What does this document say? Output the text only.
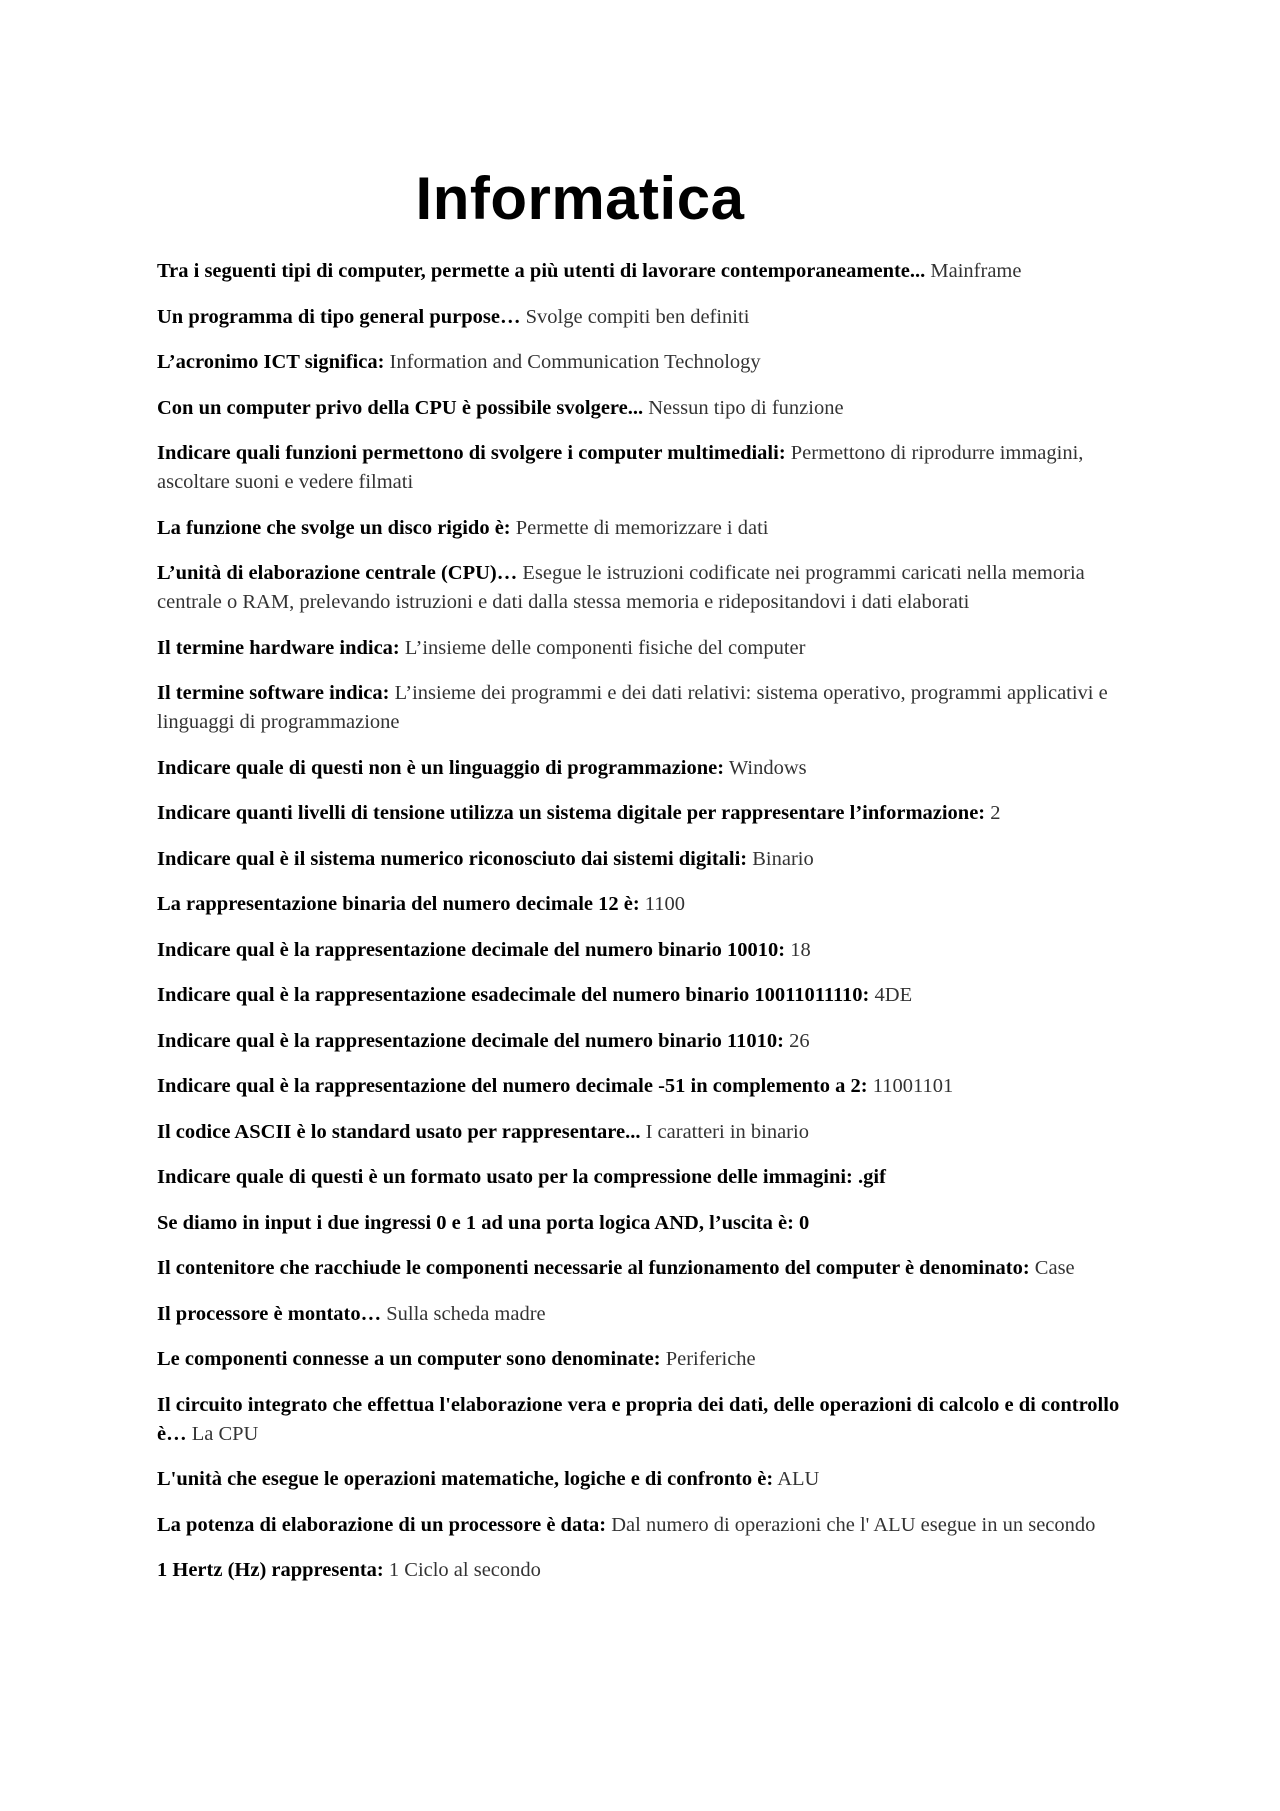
Informatica

Tra i seguenti tipi di computer, permette a più utenti di lavorare contemporaneamente... Mainframe

Un programma di tipo general purpose… Svolge compiti ben definiti

L’acronimo ICT significa: Information and Communication Technology

Con un computer privo della CPU è possibile svolgere... Nessun tipo di funzione

Indicare quali funzioni permettono di svolgere i computer multimediali: Permettono di riprodurre immagini, ascoltare suoni e vedere filmati

La funzione che svolge un disco rigido è: Permette di memorizzare i dati

L’unità di elaborazione centrale (CPU)… Esegue le istruzioni codificate nei programmi caricati nella memoria centrale o RAM, prelevando istruzioni e dati dalla stessa memoria e ridepositandovi i dati elaborati

Il termine hardware indica: L’insieme delle componenti fisiche del computer

Il termine software indica: L’insieme dei programmi e dei dati relativi: sistema operativo, programmi applicativi e linguaggi di programmazione

Indicare quale di questi non è un linguaggio di programmazione: Windows

Indicare quanti livelli di tensione utilizza un sistema digitale per rappresentare l’informazione: 2

Indicare qual è il sistema numerico riconosciuto dai sistemi digitali: Binario

La rappresentazione binaria del numero decimale 12 è: 1100

Indicare qual è la rappresentazione decimale del numero binario 10010: 18

Indicare qual è la rappresentazione esadecimale del numero binario 10011011110: 4DE

Indicare qual è la rappresentazione decimale del numero binario 11010: 26

Indicare qual è la rappresentazione del numero decimale -51 in complemento a 2: 11001101

Il codice ASCII è lo standard usato per rappresentare... I caratteri in binario

Indicare quale di questi è un formato usato per la compressione delle immagini: .gif

Se diamo in input i due ingressi 0 e 1 ad una porta logica AND, l’uscita è: 0

Il contenitore che racchiude le componenti necessarie al funzionamento del computer è denominato: Case

Il processore è montato… Sulla scheda madre

Le componenti connesse a un computer sono denominate: Periferiche

Il circuito integrato che effettua l'elaborazione vera e propria dei dati, delle operazioni di calcolo e di controllo è… La CPU

L'unità che esegue le operazioni matematiche, logiche e di confronto è: ALU

La potenza di elaborazione di un processore è data: Dal numero di operazioni che l' ALU esegue in un secondo

1 Hertz (Hz) rappresenta: 1 Ciclo al secondo
